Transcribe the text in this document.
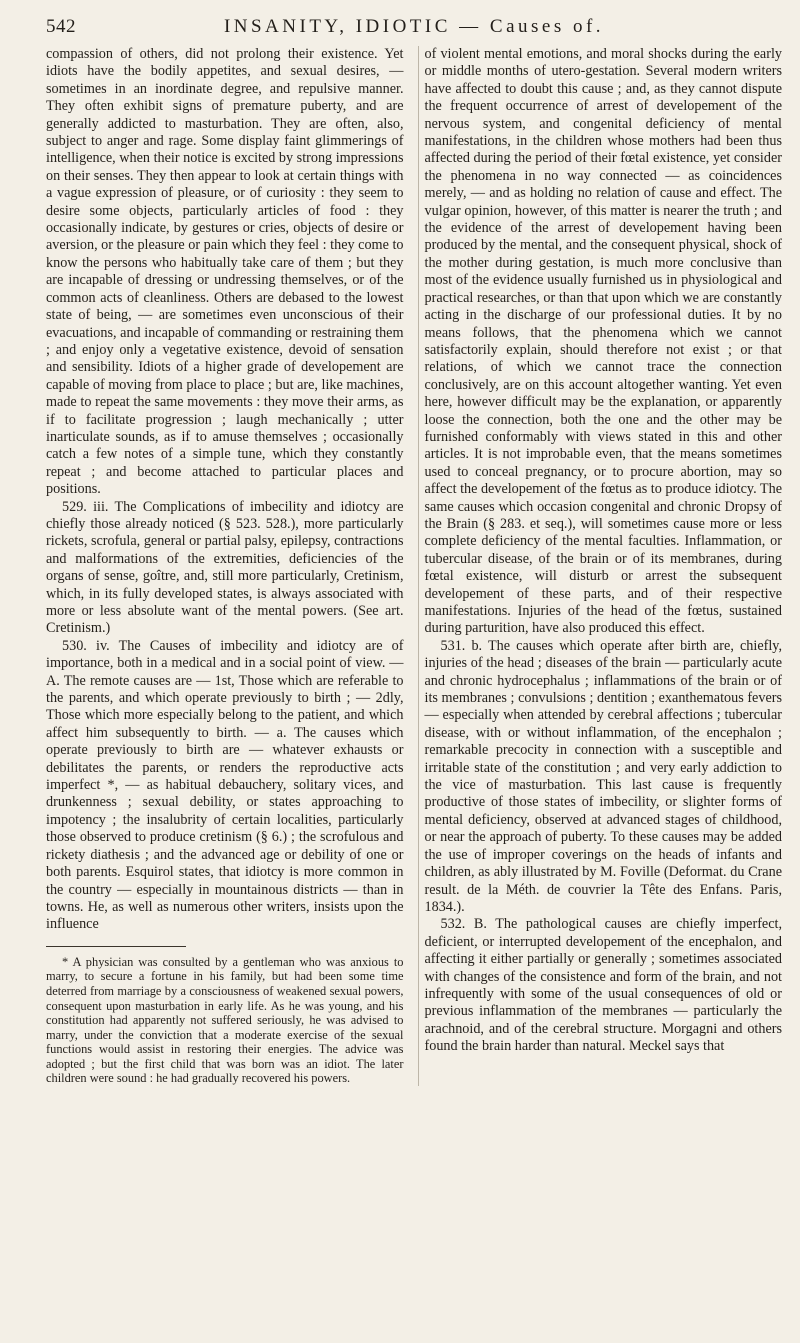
542	INSANITY, IDIOTIC — Causes of.

compassion of others, did not prolong their existence. Yet idiots have the bodily appetites, and sexual desires, — sometimes in an inordinate degree, and repulsive manner. They often exhibit signs of premature puberty, and are generally addicted to masturbation. They are often, also, subject to anger and rage. Some display faint glimmerings of intelligence, when their notice is excited by strong impressions on their senses. They then appear to look at certain things with a vague expression of pleasure, or of curiosity : they seem to desire some objects, particularly articles of food : they occasionally indicate, by gestures or cries, objects of desire or aversion, or the pleasure or pain which they feel : they come to know the persons who habitually take care of them ; but they are incapable of dressing or undressing themselves, or of the common acts of cleanliness. Others are debased to the lowest state of being, — are sometimes even unconscious of their evacuations, and incapable of commanding or restraining them ; and enjoy only a vegetative existence, devoid of sensation and sensibility. Idiots of a higher grade of developement are capable of moving from place to place ; but are, like machines, made to repeat the same movements : they move their arms, as if to facilitate progression ; laugh mechanically ; utter inarticulate sounds, as if to amuse themselves ; occasionally catch a few notes of a simple tune, which they constantly repeat ; and become attached to particular places and positions.

529. iii. The Complications of imbecility and idiotcy are chiefly those already noticed (§ 523. 528.), more particularly rickets, scrofula, general or partial palsy, epilepsy, contractions and malformations of the extremities, deficiencies of the organs of sense, goître, and, still more particularly, Cretinism, which, in its fully developed states, is always associated with more or less absolute want of the mental powers. (See art. Cretinism.)

530. iv. The Causes of imbecility and idiotcy are of importance, both in a medical and in a social point of view. — A. The remote causes are — 1st, Those which are referable to the parents, and which operate previously to birth ; — 2dly, Those which more especially belong to the patient, and which affect him subsequently to birth. — a. The causes which operate previously to birth are — whatever exhausts or debilitates the parents, or renders the reproductive acts imperfect *, — as habitual debauchery, solitary vices, and drunkenness ; sexual debility, or states approaching to impotency ; the insalubrity of certain localities, particularly those observed to produce cretinism (§ 6.) ; the scrofulous and rickety diathesis ; and the advanced age or debility of one or both parents. Esquirol states, that idiotcy is more common in the country — especially in mountainous districts — than in towns. He, as well as numerous other writers, insists upon the influence

* A physician was consulted by a gentleman who was anxious to marry, to secure a fortune in his family, but had been some time deterred from marriage by a consciousness of weakened sexual powers, consequent upon masturbation in early life. As he was young, and his constitution had apparently not suffered seriously, he was advised to marry, under the conviction that a moderate exercise of the sexual functions would assist in restoring their energies. The advice was adopted ; but the first child that was born was an idiot. The later children were sound : he had gradually recovered his powers.

of violent mental emotions, and moral shocks during the early or middle months of utero-gestation. Several modern writers have affected to doubt this cause ; and, as they cannot dispute the frequent occurrence of arrest of developement of the nervous system, and congenital deficiency of mental manifestations, in the children whose mothers had been thus affected during the period of their fœtal existence, yet consider the phenomena in no way connected — as coincidences merely, — and as holding no relation of cause and effect. The vulgar opinion, however, of this matter is nearer the truth ; and the evidence of the arrest of developement having been produced by the mental, and the consequent physical, shock of the mother during gestation, is much more conclusive than most of the evidence usually furnished us in physiological and practical researches, or than that upon which we are constantly acting in the discharge of our professional duties. It by no means follows, that the phenomena which we cannot satisfactorily explain, should therefore not exist ; or that relations, of which we cannot trace the connection conclusively, are on this account altogether wanting. Yet even here, however difficult may be the explanation, or apparently loose the connection, both the one and the other may be furnished conformably with views stated in this and other articles. It is not improbable even, that the means sometimes used to conceal pregnancy, or to procure abortion, may so affect the developement of the fœtus as to produce idiotcy. The same causes which occasion congenital and chronic Dropsy of the Brain (§ 283. et seq.), will sometimes cause more or less complete deficiency of the mental faculties. Inflammation, or tubercular disease, of the brain or of its membranes, during fœtal existence, will disturb or arrest the subsequent developement of these parts, and of their respective manifestations. Injuries of the head of the fœtus, sustained during parturition, have also produced this effect.

531. b. The causes which operate after birth are, chiefly, injuries of the head ; diseases of the brain — particularly acute and chronic hydrocephalus ; inflammations of the brain or of its membranes ; convulsions ; dentition ; exanthematous fevers — especially when attended by cerebral affections ; tubercular disease, with or without inflammation, of the encephalon ; remarkable precocity in connection with a susceptible and irritable state of the constitution ; and very early addiction to the vice of masturbation. This last cause is frequently productive of those states of imbecility, or slighter forms of mental deficiency, observed at advanced stages of childhood, or near the approach of puberty. To these causes may be added the use of improper coverings on the heads of infants and children, as ably illustrated by M. Foville (Deformat. du Crane result. de la Méth. de couvrier la Tête des Enfans. Paris, 1834.).

532. B. The pathological causes are chiefly imperfect, deficient, or interrupted developement of the encephalon, and affecting it either partially or generally ; sometimes associated with changes of the consistence and form of the brain, and not infrequently with some of the usual consequences of old or previous inflammation of the membranes — particularly the arachnoid, and of the cerebral structure. Morgagni and others found the brain harder than natural. Meckel says that
